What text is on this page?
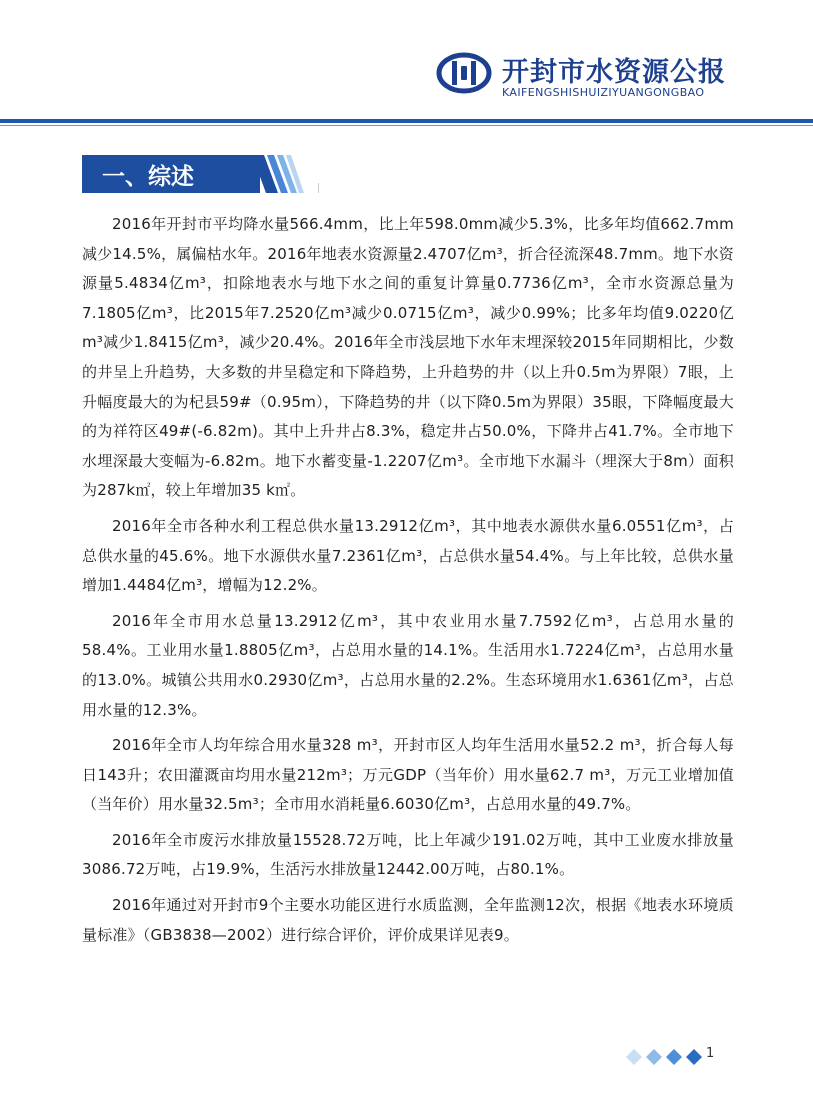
开封市水资源公报
KAIFENGSHISHUIZIYUANGONGBAO
一、综述

2016年开封市平均降水量566.4mm，比上年598.0mm减少5.3%，比多年均值662.7mm减少14.5%，属偏枯水年。2016年地表水资源量2.4707亿m³，折合径流深48.7mm。地下水资源量5.4834亿m³，扣除地表水与地下水之间的重复计算量0.7736亿m³，全市水资源总量为7.1805亿m³，比2015年7.2520亿m³减少0.0715亿m³，减少0.99%；比多年均值9.0220亿m³减少1.8415亿m³，减少20.4%。2016年全市浅层地下水年末埋深较2015年同期相比，少数的井呈上升趋势，大多数的井呈稳定和下降趋势，上升趋势的井（以上升0.5m为界限）7眼，上升幅度最大的为杞县59#（0.95m），下降趋势的井（以下降0.5m为界限）35眼，下降幅度最大的为祥符区49#(-6.82m)。其中上升井占8.3%，稳定井占50.0%，下降井占41.7%。全市地下水埋深最大变幅为-6.82m。地下水蓄变量-1.2207亿m³。全市地下水漏斗（埋深大于8m）面积为287k㎡，较上年增加35 k㎡。

2016年全市各种水利工程总供水量13.2912亿m³，其中地表水源供水量6.0551亿m³，占总供水量的45.6%。地下水源供水量7.2361亿m³，占总供水量54.4%。与上年比较，总供水量增加1.4484亿m³，增幅为12.2%。

2016年全市用水总量13.2912亿m³，其中农业用水量7.7592亿m³，占总用水量的58.4%。工业用水量1.8805亿m³，占总用水量的14.1%。生活用水1.7224亿m³，占总用水量的13.0%。城镇公共用水0.2930亿m³，占总用水量的2.2%。生态环境用水1.6361亿m³，占总用水量的12.3%。

2016年全市人均年综合用水量328 m³，开封市区人均年生活用水量52.2 m³，折合每人每日143升；农田灌溉亩均用水量212m³；万元GDP（当年价）用水量62.7 m³，万元工业增加值（当年价）用水量32.5m³；全市用水消耗量6.6030亿m³，占总用水量的49.7%。

2016年全市废污水排放量15528.72万吨，比上年减少191.02万吨，其中工业废水排放量3086.72万吨，占19.9%，生活污水排放量12442.00万吨，占80.1%。

2016年通过对开封市9个主要水功能区进行水质监测，全年监测12次，根据《地表水环境质量标准》（GB3838—2002）进行综合评价，评价成果详见表9。

1
